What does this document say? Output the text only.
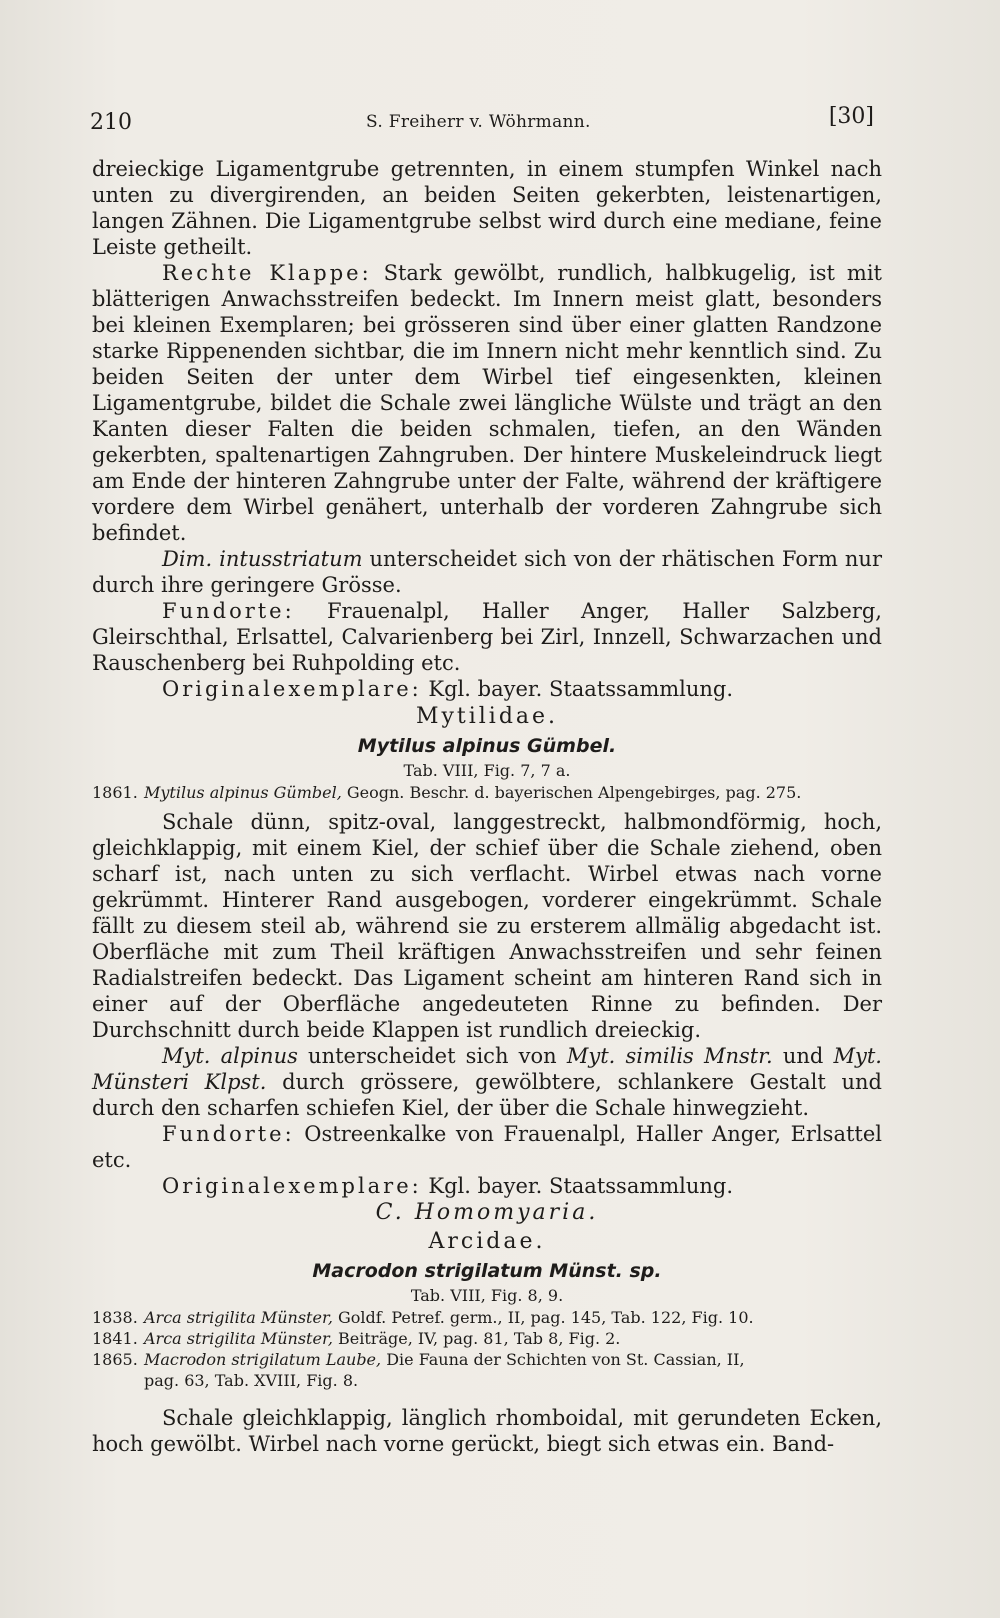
210	S. Freiherr v. Wöhrmann.	[30]

dreieckige Ligamentgrube getrennten, in einem stumpfen Winkel nach unten zu divergirenden, an beiden Seiten gekerbten, leistenartigen, langen Zähnen. Die Ligamentgrube selbst wird durch eine mediane, feine Leiste getheilt.

Rechte Klappe: Stark gewölbt, rundlich, halbkugelig, ist mit blätterigen Anwachsstreifen bedeckt. Im Innern meist glatt, besonders bei kleinen Exemplaren; bei grösseren sind über einer glatten Randzone starke Rippenenden sichtbar, die im Innern nicht mehr kenntlich sind. Zu beiden Seiten der unter dem Wirbel tief eingesenkten, kleinen Ligamentgrube, bildet die Schale zwei längliche Wülste und trägt an den Kanten dieser Falten die beiden schmalen, tiefen, an den Wänden gekerbten, spaltenartigen Zahngruben. Der hintere Muskeleindruck liegt am Ende der hinteren Zahngrube unter der Falte, während der kräftigere vordere dem Wirbel genähert, unterhalb der vorderen Zahngrube sich befindet.

Dim. intusstriatum unterscheidet sich von der rhätischen Form nur durch ihre geringere Grösse.

Fundorte: Frauenalpl, Haller Anger, Haller Salzberg, Gleirschthal, Erlsattel, Calvarienberg bei Zirl, Innzell, Schwarzachen und Rauschenberg bei Ruhpolding etc.

Originalexemplare: Kgl. bayer. Staatssammlung.

Mytilidae.

Mytilus alpinus Gümbel.

Tab. VIII, Fig. 7, 7 a.

1861. Mytilus alpinus Gümbel, Geogn. Beschr. d. bayerischen Alpengebirges, pag. 275.

Schale dünn, spitz-oval, langgestreckt, halbmondförmig, hoch, gleichklappig, mit einem Kiel, der schief über die Schale ziehend, oben scharf ist, nach unten zu sich verflacht. Wirbel etwas nach vorne gekrümmt. Hinterer Rand ausgebogen, vorderer eingekrümmt. Schale fällt zu diesem steil ab, während sie zu ersterem allmälig abgedacht ist. Oberfläche mit zum Theil kräftigen Anwachsstreifen und sehr feinen Radialstreifen bedeckt. Das Ligament scheint am hinteren Rand sich in einer auf der Oberfläche angedeuteten Rinne zu befinden. Der Durchschnitt durch beide Klappen ist rundlich dreieckig.

Myt. alpinus unterscheidet sich von Myt. similis Mnstr. und Myt. Münsteri Klpst. durch grössere, gewölbtere, schlankere Gestalt und durch den scharfen schiefen Kiel, der über die Schale hinwegzieht.

Fundorte: Ostreenkalke von Frauenalpl, Haller Anger, Erlsattel etc.

Originalexemplare: Kgl. bayer. Staatssammlung.

C. Homomyaria.

Arcidae.

Macrodon strigilatum Münst. sp.

Tab. VIII, Fig. 8, 9.

1838. Arca strigilita Münster, Goldf. Petref. germ., II, pag. 145, Tab. 122, Fig. 10.

1841. Arca strigilita Münster, Beiträge, IV, pag. 81, Tab 8, Fig. 2.

1865. Macrodon strigilatum Laube, Die Fauna der Schichten von St. Cassian, II,

pag. 63, Tab. XVIII, Fig. 8.

Schale gleichklappig, länglich rhomboidal, mit gerundeten Ecken, hoch gewölbt. Wirbel nach vorne gerückt, biegt sich etwas ein. Band-
